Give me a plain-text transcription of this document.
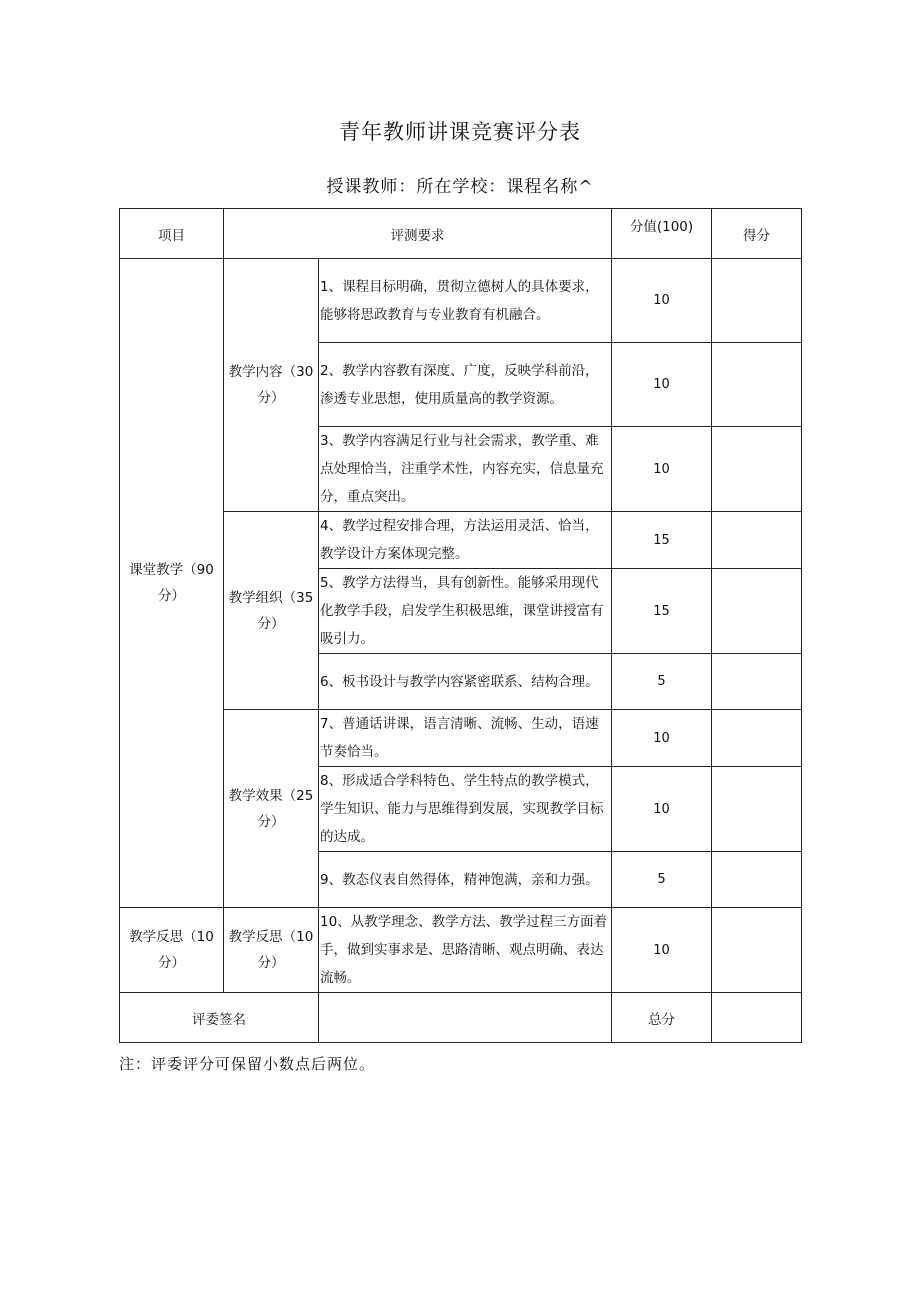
青年教师讲课竞赛评分表
授课教师：所在学校：课程名称^
项目	评测要求		分值(100)	得分
课堂教学（90分）	教学内容（30分）	1、课程目标明确，贯彻立德树人的具体要求，能够将思政教育与专业教育有机融合。	10	
		2、教学内容教有深度、广度，反映学科前沿，渗透专业思想，使用质量高的教学资源。	10	
		3、教学内容满足行业与社会需求，教学重、难点处理恰当，注重学术性，内容充实，信息量充分，重点突出。	10	
	教学组织（35分）	4、教学过程安排合理，方法运用灵活、恰当，教学设计方案体现完整。	15	
		5、教学方法得当，具有创新性。能够采用现代化教学手段，启发学生积极思维，课堂讲授富有吸引力。	15	
		6、板书设计与教学内容紧密联系、结构合理。	5	
	教学效果（25分）	7、普通话讲课，语言清晰、流畅、生动，语速节奏恰当。	10	
		8、形成适合学科特色、学生特点的教学模式，学生知识、能力与思维得到发展，实现教学目标的达成。	10	
		9、教态仪表自然得体，精神饱满，亲和力强。	5	
教学反思（10分）	教学反思（10分）	10、从教学理念、教学方法、教学过程三方面着手，做到实事求是、思路清晰、观点明确、表达流畅。	10	
评委签名			总分	
注：评委评分可保留小数点后两位。
